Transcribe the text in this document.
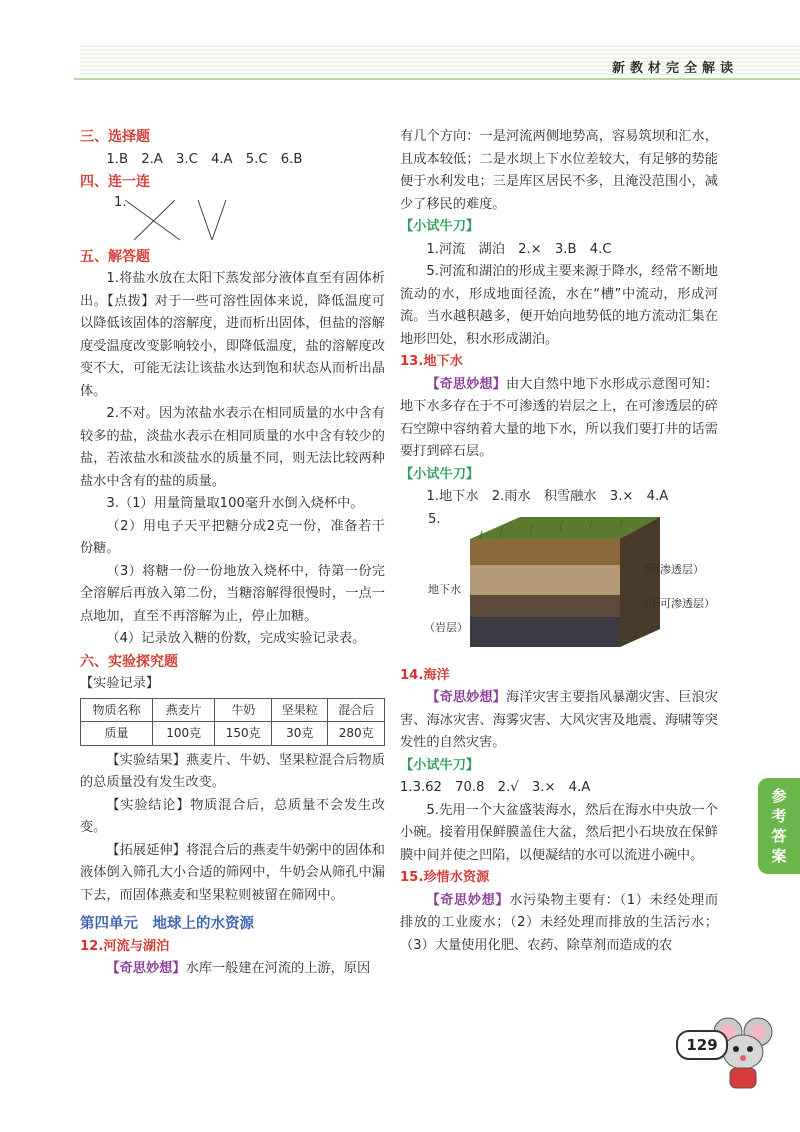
新教材完全解读

三、选择题

1.B　2.A　3.C　4.A　5.C　6.B

四、连一连

1.

五、解答题

1.将盐水放在太阳下蒸发部分液体直至有固体析出。【点拨】对于一些可溶性固体来说，降低温度可以降低该固体的溶解度，进而析出固体，但盐的溶解度受温度改变影响较小，即降低温度，盐的溶解度改变不大，可能无法让该盐水达到饱和状态从而析出晶体。

2.不对。因为浓盐水表示在相同质量的水中含有较多的盐，淡盐水表示在相同质量的水中含有较少的盐，若浓盐水和淡盐水的质量不同，则无法比较两种盐水中含有的盐的质量。

3.（1）用量筒量取100毫升水倒入烧杯中。

（2）用电子天平把糖分成2克一份，准备若干份糖。

（3）将糖一份一份地放入烧杯中，待第一份完全溶解后再放入第二份，当糖溶解得很慢时，一点一点地加，直至不再溶解为止，停止加糖。

（4）记录放入糖的份数，完成实验记录表。

六、实验探究题

【实验记录】

物质名称	燕麦片	牛奶	坚果粒	混合后
质量	100克	150克	30克	280克

【实验结果】燕麦片、牛奶、坚果粒混合后物质的总质量没有发生改变。

【实验结论】物质混合后，总质量不会发生改变。

【拓展延伸】将混合后的燕麦牛奶粥中的固体和液体倒入筛孔大小合适的筛网中，牛奶会从筛孔中漏下去，而固体燕麦和坚果粒则被留在筛网中。

第四单元　地球上的水资源

12.河流与湖泊

【奇思妙想】水库一般建在河流的上游，原因

有几个方向：一是河流两侧地势高，容易筑坝和汇水，且成本较低；二是水坝上下水位差较大，有足够的势能便于水利发电；三是库区居民不多，且淹没范围小，减少了移民的难度。

【小试牛刀】

1.河流　湖泊　2.×　3.B　4.C

5.河流和湖泊的形成主要来源于降水，经常不断地流动的水，形成地面径流，水在“槽”中流动，形成河流。当水越积越多，便开始向地势低的地方流动汇集在地形凹处，积水形成湖泊。

13.地下水

【奇思妙想】由大自然中地下水形成示意图可知：地下水多存在于不可渗透的岩层之上，在可渗透层的碎石空隙中容纳着大量的地下水，所以我们要打井的话需要打到碎石层。

【小试牛刀】

1.地下水　2.雨水　积雪融水　3.×　4.A

5.
（可渗透层）
地下水
（不可渗透层）
（岩层）

14.海洋

【奇思妙想】海洋灾害主要指风暴潮灾害、巨浪灾害、海冰灾害、海雾灾害、大风灾害及地震、海啸等突发性的自然灾害。

【小试牛刀】

1.3.62　70.8　2.√　3.×　4.A

5.先用一个大盆盛装海水，然后在海水中央放一个小碗。接着用保鲜膜盖住大盆，然后把小石块放在保鲜膜中间并使之凹陷，以便凝结的水可以流进小碗中。

15.珍惜水资源

【奇思妙想】水污染物主要有：（1）未经处理而排放的工业废水；（2）未经处理而排放的生活污水；（3）大量使用化肥、农药、除草剂而造成的农

参考答案
129
